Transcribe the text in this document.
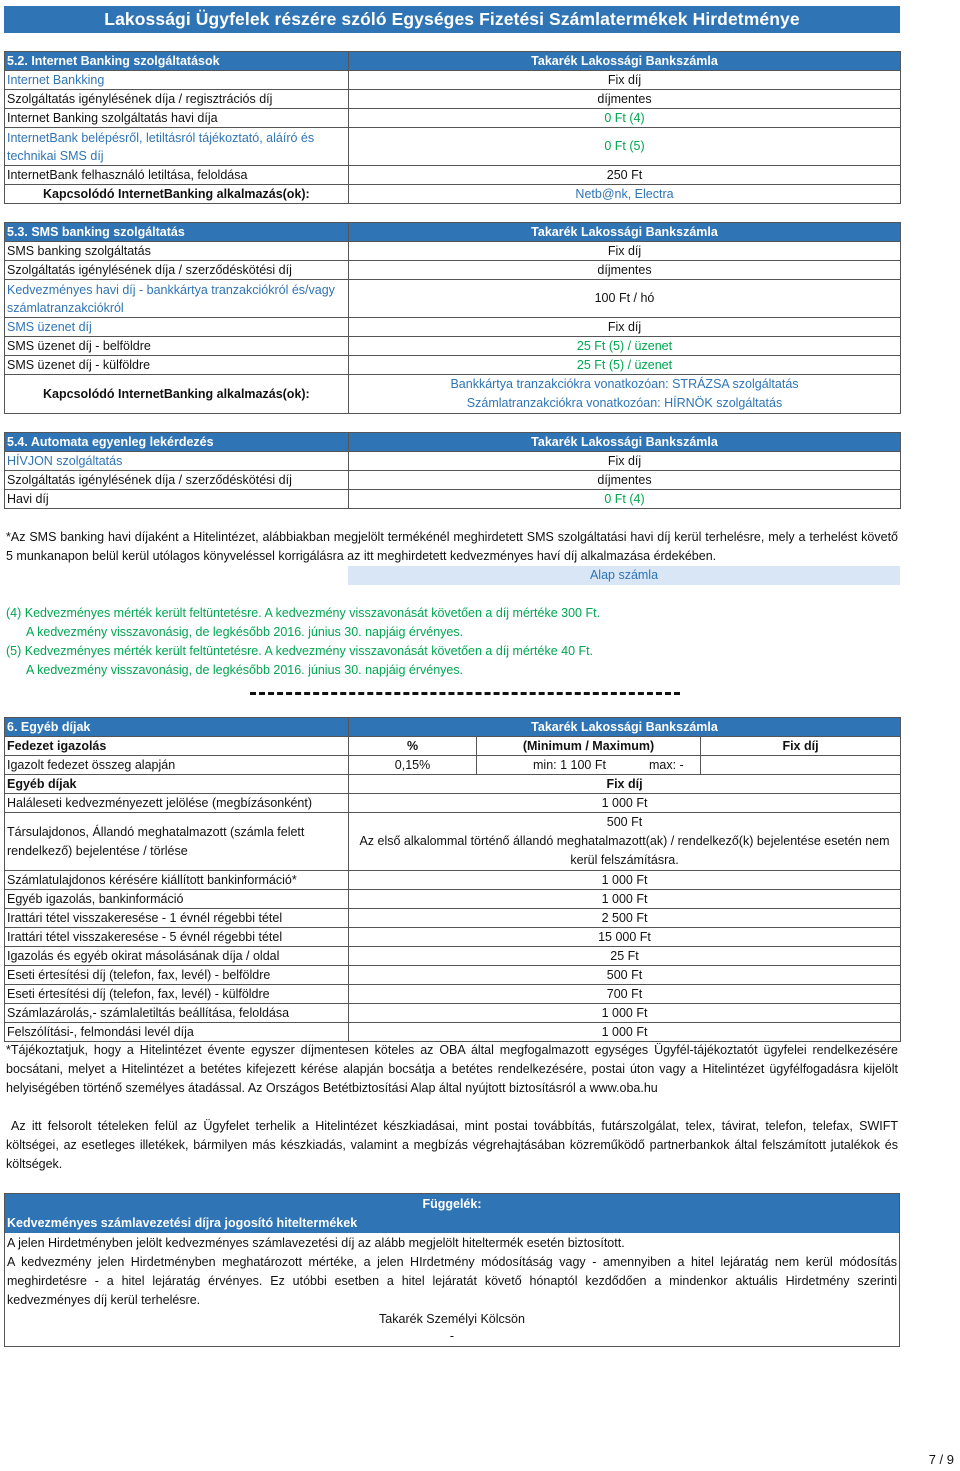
Lakossági Ügyfelek részére szóló Egységes Fizetési Számlatermékek Hirdetménye
5.2. Internet Banking szolgáltatások	Takarék Lakossági Bankszámla
Internet Bankking	Fix díj
Szolgáltatás igénylésének díja / regisztrációs díj	díjmentes
Internet Banking szolgáltatás havi díja	0 Ft (4)
InternetBank belépésről, letiltásról tájékoztató, aláíró és technikai SMS díj	0 Ft (5)
InternetBank felhasználó letiltása, feloldása	250 Ft
Kapcsolódó InternetBanking alkalmazás(ok):	Netb@nk, Electra
5.3. SMS banking szolgáltatás	Takarék Lakossági Bankszámla
SMS banking szolgáltatás	Fix díj
Szolgáltatás igénylésének díja / szerződéskötési díj	díjmentes
Kedvezményes havi díj - bankkártya tranzakciókról és/vagy számlatranzakciókról	100 Ft / hó
SMS üzenet díj	Fix díj
SMS üzenet díj - belföldre	25 Ft (5) / üzenet
SMS üzenet díj - külföldre	25 Ft (5) / üzenet
Kapcsolódó InternetBanking alkalmazás(ok):	Bankkártya tranzakciókra vonatkozóan: STRÁZSA szolgáltatás
Számlatranzakciókra vonatkozóan: HÍRNÖK szolgáltatás
5.4. Automata egyenleg lekérdezés	Takarék Lakossági Bankszámla
HÍVJON szolgáltatás	Fix díj
Szolgáltatás igénylésének díja / szerződéskötési díj	díjmentes
Havi díj	0 Ft (4)
*Az SMS banking havi díjaként a Hitelintézet, alábbiakban megjelölt termékénél meghirdetett SMS szolgáltatási havi díj kerül terhelésre, mely a terhelést követő 5 munkanapon belül kerül utólagos könyveléssel korrigálásra az itt meghirdetett kedvezményes haví díj alkalmazása érdekében.
Alap számla
(4) Kedvezményes mérték került feltüntetésre. A kedvezmény visszavonását követően a díj mértéke 300 Ft.
A kedvezmény visszavonásig, de legkésőbb 2016. június 30. napjáig érvényes.
(5) Kedvezményes mérték került feltüntetésre. A kedvezmény visszavonását követően a díj mértéke 40 Ft.
A kedvezmény visszavonásig, de legkésőbb 2016. június 30. napjáig érvényes.
6. Egyéb díjak	Takarék Lakossági Bankszámla		
Fedezet igazolás	%	(Minimum / Maximum)	Fix díj
Igazolt fedezet összeg alapján	0,15%	min: 1 100 Ft	max: -
Egyéb díjak	Fix díj		
Haláleseti kedvezményezett jelölése (megbízásonként)	1 000 Ft		
Társulajdonos, Állandó meghatalmazott (számla felett rendelkező) bejelentése / törlése	500 Ft
Az első alkalommal történő állandó meghatalmazott(ak) / rendelkező(k) bejelentése esetén nem kerül felszámításra.		

Számlatulajdonos kérésére kiállított bankinformáció*	1 000 Ft		
Egyéb igazolás, bankinformáció	1 000 Ft		
Irattári tétel visszakeresése - 1 évnél régebbi tétel	2 500 Ft		
Irattári tétel visszakeresése - 5 évnél régebbi tétel	15 000 Ft		
Igazolás és egyéb okirat másolásának díja / oldal	25 Ft		
Eseti értesítési díj (telefon, fax, levél) - belföldre	500 Ft		
Eseti értesítési díj (telefon, fax, levél) - külföldre	700 Ft		
Számlazárolás,- számlaletiltás beállítása, feloldása	1 000 Ft		
Felszólítási-, felmondási levél díja	1 000 Ft		
*Tájékoztatjuk, hogy a Hitelintézet évente egyszer díjmentesen köteles az OBA által megfogalmazott egységes Ügyfél-tájékoztatót ügyfelei rendelkezésére bocsátani, melyet a Hitelintézet a betétes kifejezett kérése alapján bocsátja a betétes rendelkezésére, postai úton vagy a Hitelintézet ügyfélfogadásra kijelölt helyiségében történő személyes átadással. Az Országos Betétbiztosítási Alap által nyújtott biztosításról a www.oba.hu
Az itt felsorolt tételeken felül az Ügyfelet terhelik a Hitelintézet készkiadásai, mint postai továbbítás, futárszolgálat, telex, távirat, telefon, telefax, SWIFT költségei, az esetleges illetékek, bármilyen más készkiadás, valamint a megbízás végrehajtásában közreműködő partnerbankok által felszámított jutalékok és költségek.
Függelék:
Kedvezményes számlavezetési díjra jogosító hiteltermékek
A jelen Hirdetményben jelölt kedvezményes számlavezetési díj az alább megjelölt hiteltermék esetén biztosított.
A kedvezmény jelen Hirdetményben meghatározott mértéke, a jelen HIrdetmény módosításág vagy - amennyiben a hitel lejáratág nem kerül módosítás meghirdetésre - a hitel lejáratág érvényes. Ez utóbbi esetben a hitel lejáratát követő hónaptól kezdődően a mindenkor aktuális Hirdetmény szerinti kedvezményes díj kerül terhelésre.
Takarék Személyi Kölcsön
-
7 / 9
